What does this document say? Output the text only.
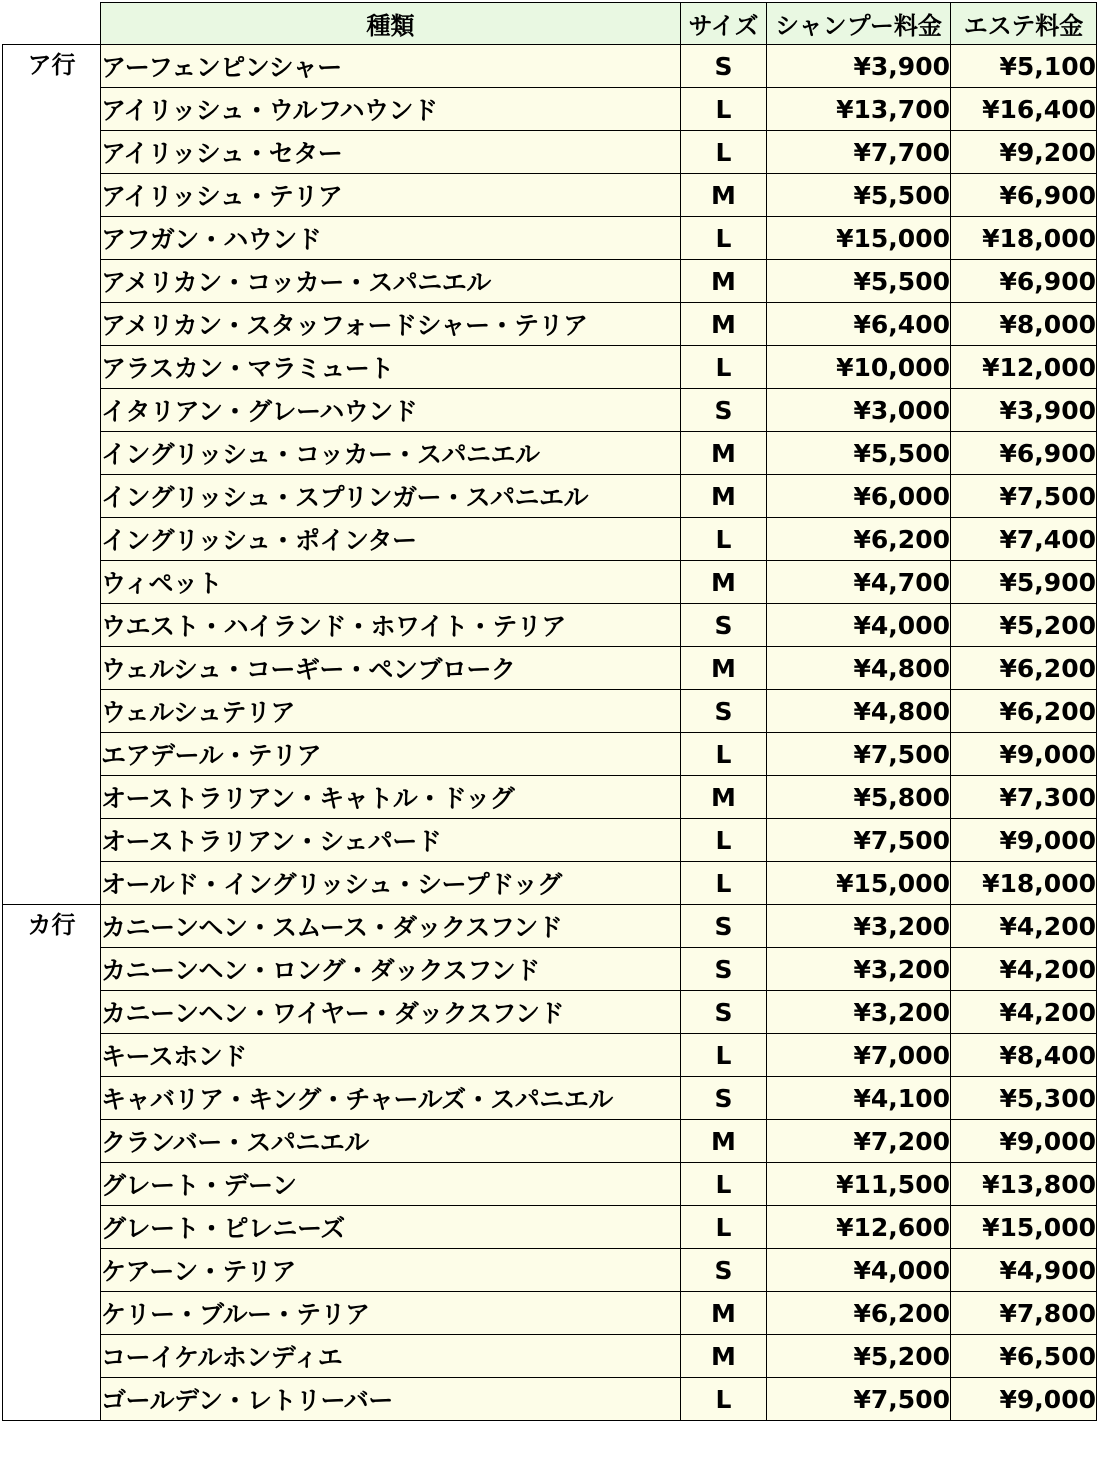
	種類	サイズ	シャンプー料金	エステ料金
ア行	アーフェンピンシャー	S	¥3,900	¥5,100
	アイリッシュ・ウルフハウンド	L	¥13,700	¥16,400
	アイリッシュ・セター	L	¥7,700	¥9,200
	アイリッシュ・テリア	M	¥5,500	¥6,900
	アフガン・ハウンド	L	¥15,000	¥18,000
	アメリカン・コッカー・スパニエル	M	¥5,500	¥6,900
	アメリカン・スタッフォードシャー・テリア	M	¥6,400	¥8,000
	アラスカン・マラミュート	L	¥10,000	¥12,000
	イタリアン・グレーハウンド	S	¥3,000	¥3,900
	イングリッシュ・コッカー・スパニエル	M	¥5,500	¥6,900
	イングリッシュ・スプリンガー・スパニエル	M	¥6,000	¥7,500
	イングリッシュ・ポインター	L	¥6,200	¥7,400
	ウィペット	M	¥4,700	¥5,900
	ウエスト・ハイランド・ホワイト・テリア	S	¥4,000	¥5,200
	ウェルシュ・コーギー・ペンブローク	M	¥4,800	¥6,200
	ウェルシュテリア	S	¥4,800	¥6,200
	エアデール・テリア	L	¥7,500	¥9,000
	オーストラリアン・キャトル・ドッグ	M	¥5,800	¥7,300
	オーストラリアン・シェパード	L	¥7,500	¥9,000
	オールド・イングリッシュ・シープドッグ	L	¥15,000	¥18,000
カ行	カニーンヘン・スムース・ダックスフンド	S	¥3,200	¥4,200
	カニーンヘン・ロング・ダックスフンド	S	¥3,200	¥4,200
	カニーンヘン・ワイヤー・ダックスフンド	S	¥3,200	¥4,200
	キースホンド	L	¥7,000	¥8,400
	キャバリア・キング・チャールズ・スパニエル	S	¥4,100	¥5,300
	クランバー・スパニエル	M	¥7,200	¥9,000
	グレート・デーン	L	¥11,500	¥13,800
	グレート・ピレニーズ	L	¥12,600	¥15,000
	ケアーン・テリア	S	¥4,000	¥4,900
	ケリー・ブルー・テリア	M	¥6,200	¥7,800
	コーイケルホンディエ	M	¥5,200	¥6,500
	ゴールデン・レトリーバー	L	¥7,500	¥9,000
